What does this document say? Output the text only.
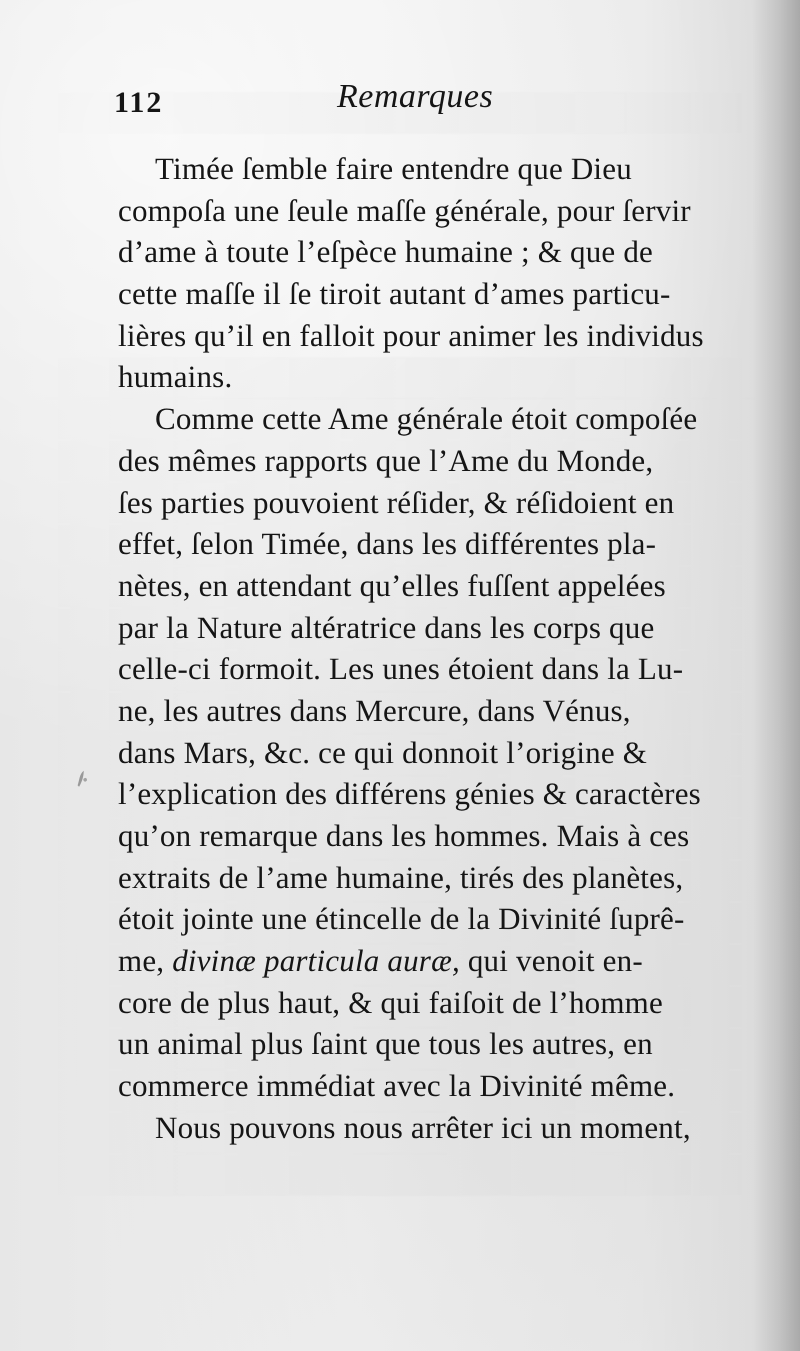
112	Remarques
Timée ſemble faire entendre que Dieu
compoſa une ſeule maſſe générale, pour ſervir
d’ame à toute l’eſpèce humaine ; & que de
cette maſſe il ſe tiroit autant d’ames particu-
lières qu’il en falloit pour animer les individus
humains.
Comme cette Ame générale étoit compoſée
des mêmes rapports que l’Ame du Monde,
ſes parties pouvoient réſider, & réſidoient en
effet, ſelon Timée, dans les différentes pla-
nètes, en attendant qu’elles fuſſent appelées
par la Nature altératrice dans les corps que
celle-ci formoit. Les unes étoient dans la Lu-
ne, les autres dans Mercure, dans Vénus,
dans Mars, &c. ce qui donnoit l’origine &
l’explication des différens génies & caractères
qu’on remarque dans les hommes. Mais à ces
extraits de l’ame humaine, tirés des planètes,
étoit jointe une étincelle de la Divinité ſuprê-
me, divinæ particula auræ, qui venoit en-
core de plus haut, & qui faiſoit de l’homme
un animal plus ſaint que tous les autres, en
commerce immédiat avec la Divinité même.
Nous pouvons nous arrêter ici un moment,
